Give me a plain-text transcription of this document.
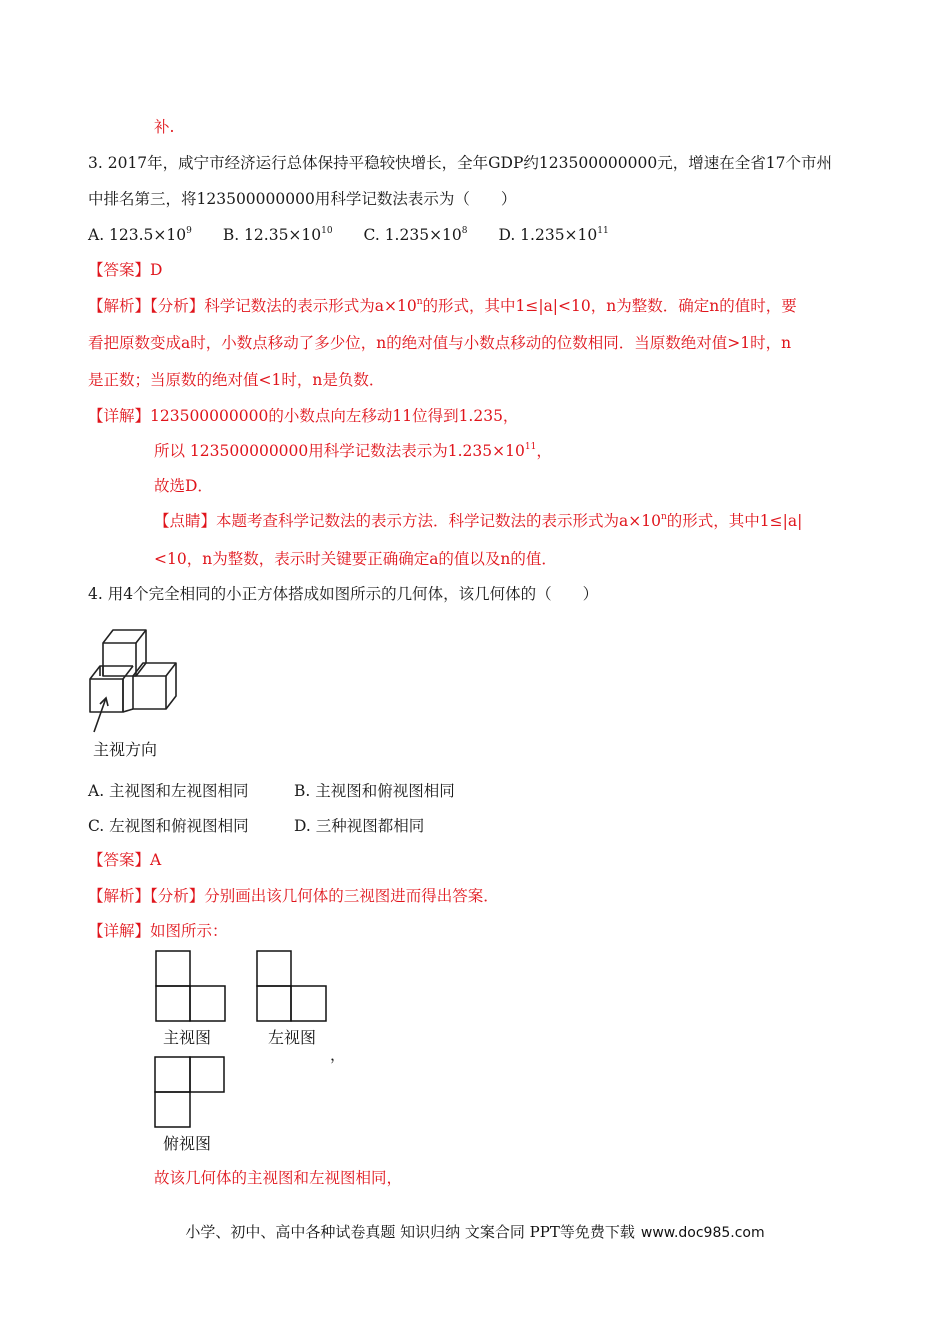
补.
3. 2017年，咸宁市经济运行总体保持平稳较快增长，全年GDP约123500000000元，增速在全省17个市州
中排名第三，将123500000000用科学记数法表示为（　　）
A. $123.5\times 10^9$ B. $12.35\times 10^{10}$ C. $1.235\times 10^8$ D. $1.235\times 10^{11}$
【答案】D
【解析】【分析】科学记数法的表示形式为$a\times 10^n$的形式，其中1≤|a|<10，n为整数．确定n的值时，要
看把原数变成a时，小数点移动了多少位，n的绝对值与小数点移动的位数相同．当原数绝对值>1时，n
是正数；当原数的绝对值<1时，n是负数．
【详解】123500000000的小数点向左移动11位得到1.235，
所以 123500000000用科学记数法表示为$1.235\times 10^{11}$，
故选D．
【点睛】本题考查科学记数法的表示方法．科学记数法的表示形式为$a\times 10^n$的形式，其中1≤|a|
<10，n为整数，表示时关键要正确确定a的值以及n的值．
4. 用4个完全相同的小正方体搭成如图所示的几何体，该几何体的（　　）
主视方向
A. 主视图和左视图相同	B. 主视图和俯视图相同
C. 左视图和俯视图相同	D. 三种视图都相同
【答案】A
【解析】【分析】分别画出该几何体的三视图进而得出答案．
【详解】如图所示：
主视图	左视图
，
俯视图
故该几何体的主视图和左视图相同，
小学、初中、高中各种试卷真题 知识归纳 文案合同 PPT等免费下载 www.doc985.com
